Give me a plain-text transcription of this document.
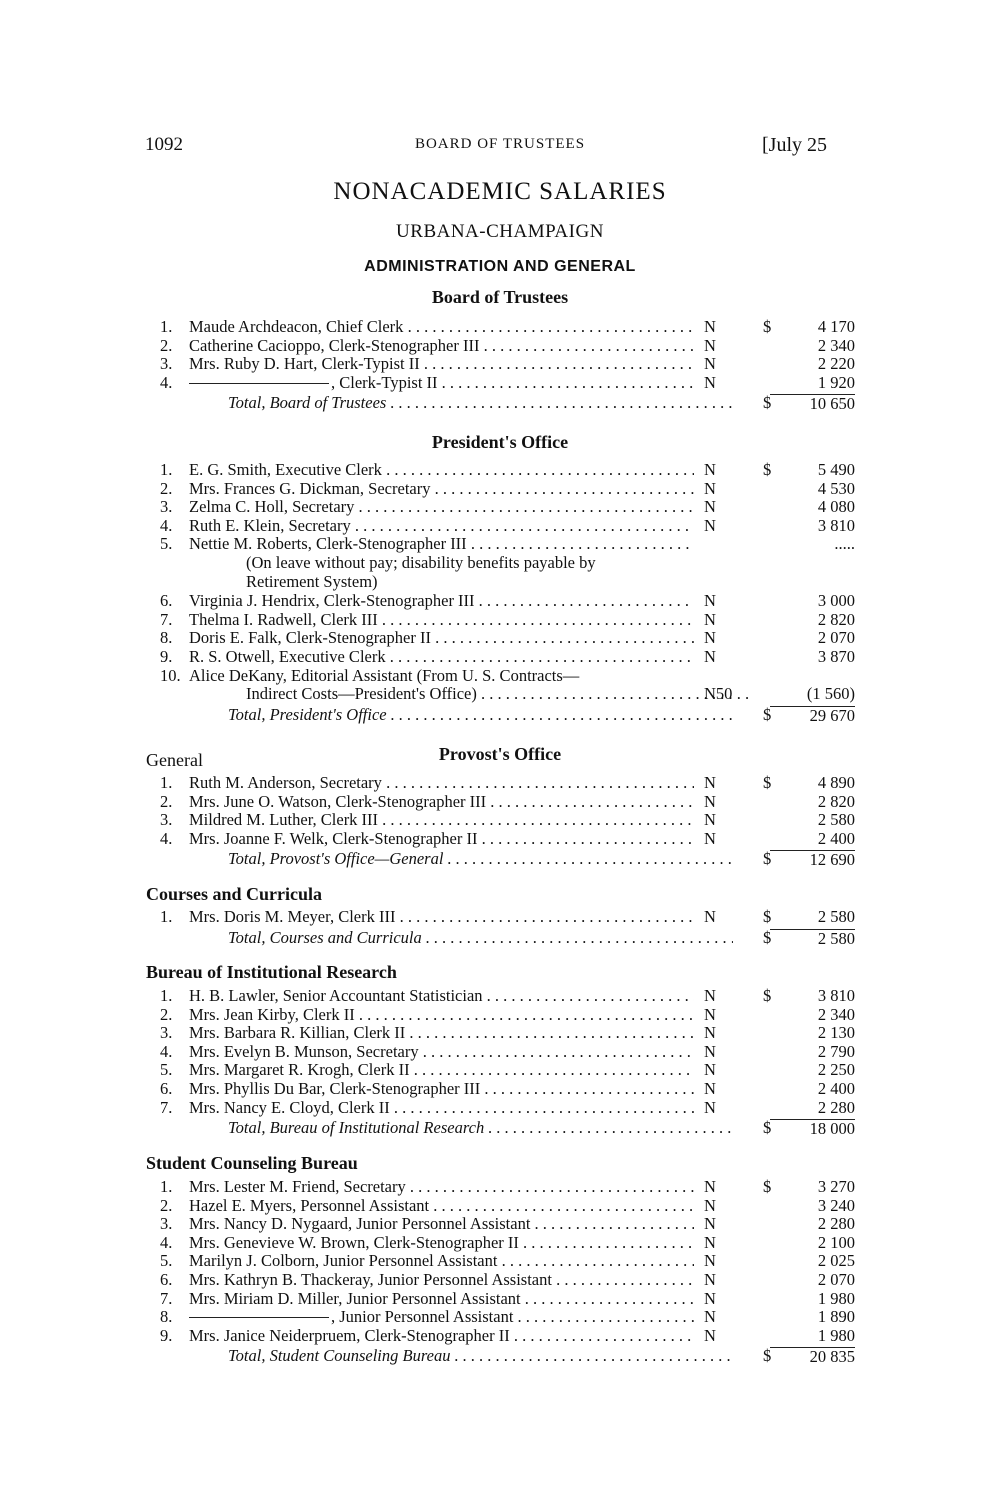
1092	BOARD OF TRUSTEES	[July 25
NONACADEMIC SALARIES
URBANA-CHAMPAIGN
ADMINISTRATION AND GENERAL
Board of Trustees
1.	Maude Archdeacon, Chief Clerk . . .	N	$	4 170
2.	Catherine Cacioppo, Clerk-Stenographer III . . .	N	2 340
3.	Mrs. Ruby D. Hart, Clerk-Typist II . . .	N	2 220
4.	, Clerk-Typist II . . .	N	1 920
Total, Board of Trustees . . .	$	10 650
President's Office
1.	E. G. Smith, Executive Clerk . . .	N	$	5 490
2.	Mrs. Frances G. Dickman, Secretary . . .	N	4 530
3.	Zelma C. Holl, Secretary . . .	N	4 080
4.	Ruth E. Klein, Secretary . . .	N	3 810
5.	Nettie M. Roberts, Clerk-Stenographer III . . .	.....
(On leave without pay; disability benefits payable by
Retirement System)
6.	Virginia J. Hendrix, Clerk-Stenographer III . . .	N	3 000
7.	Thelma I. Radwell, Clerk III . . .	N	2 820
8.	Doris E. Falk, Clerk-Stenographer II . . .	N	2 070
9.	R. S. Otwell, Executive Clerk . . .	N	3 870
10. Alice DeKany, Editorial Assistant (From U. S. Contracts—
Indirect Costs—President's Office) . . .	N50	(1 560)
Total, President's Office . . .	$	29 670
General	Provost's Office
1.	Ruth M. Anderson, Secretary . . .	N	$	4 890
2.	Mrs. June O. Watson, Clerk-Stenographer III . . .	N	2 820
3.	Mildred M. Luther, Clerk III . . .	N	2 580
4.	Mrs. Joanne F. Welk, Clerk-Stenographer II . . .	N	2 400
Total, Provost's Office—General . . .	$	12 690
Courses and Curricula
1.	Mrs. Doris M. Meyer, Clerk III . . .	N	$	2 580
Total, Courses and Curricula . . .	$	2 580
Bureau of Institutional Research
1.	H. B. Lawler, Senior Accountant Statistician . . .	N	$	3 810
2.	Mrs. Jean Kirby, Clerk II . . .	N	2 340
3.	Mrs. Barbara R. Killian, Clerk II . . .	N	2 130
4.	Mrs. Evelyn B. Munson, Secretary . . .	N	2 790
5.	Mrs. Margaret R. Krogh, Clerk II . . .	N	2 250
6.	Mrs. Phyllis Du Bar, Clerk-Stenographer III . . .	N	2 400
7.	Mrs. Nancy E. Cloyd, Clerk II . . .	N	2 280
Total, Bureau of Institutional Research . . .	$	18 000
Student Counseling Bureau
1.	Mrs. Lester M. Friend, Secretary . . .	N	$	3 270
2.	Hazel E. Myers, Personnel Assistant . . .	N	3 240
3.	Mrs. Nancy D. Nygaard, Junior Personnel Assistant . . .	N	2 280
4.	Mrs. Genevieve W. Brown, Clerk-Stenographer II . . .	N	2 100
5.	Marilyn J. Colborn, Junior Personnel Assistant . . .	N	2 025
6.	Mrs. Kathryn B. Thackeray, Junior Personnel Assistant . . .	N	2 070
7.	Mrs. Miriam D. Miller, Junior Personnel Assistant . . .	N	1 980
8.	, Junior Personnel Assistant . . .	N	1 890
9.	Mrs. Janice Neiderpruem, Clerk-Stenographer II . . .	N	1 980
Total, Student Counseling Bureau . . .	$	20 835
